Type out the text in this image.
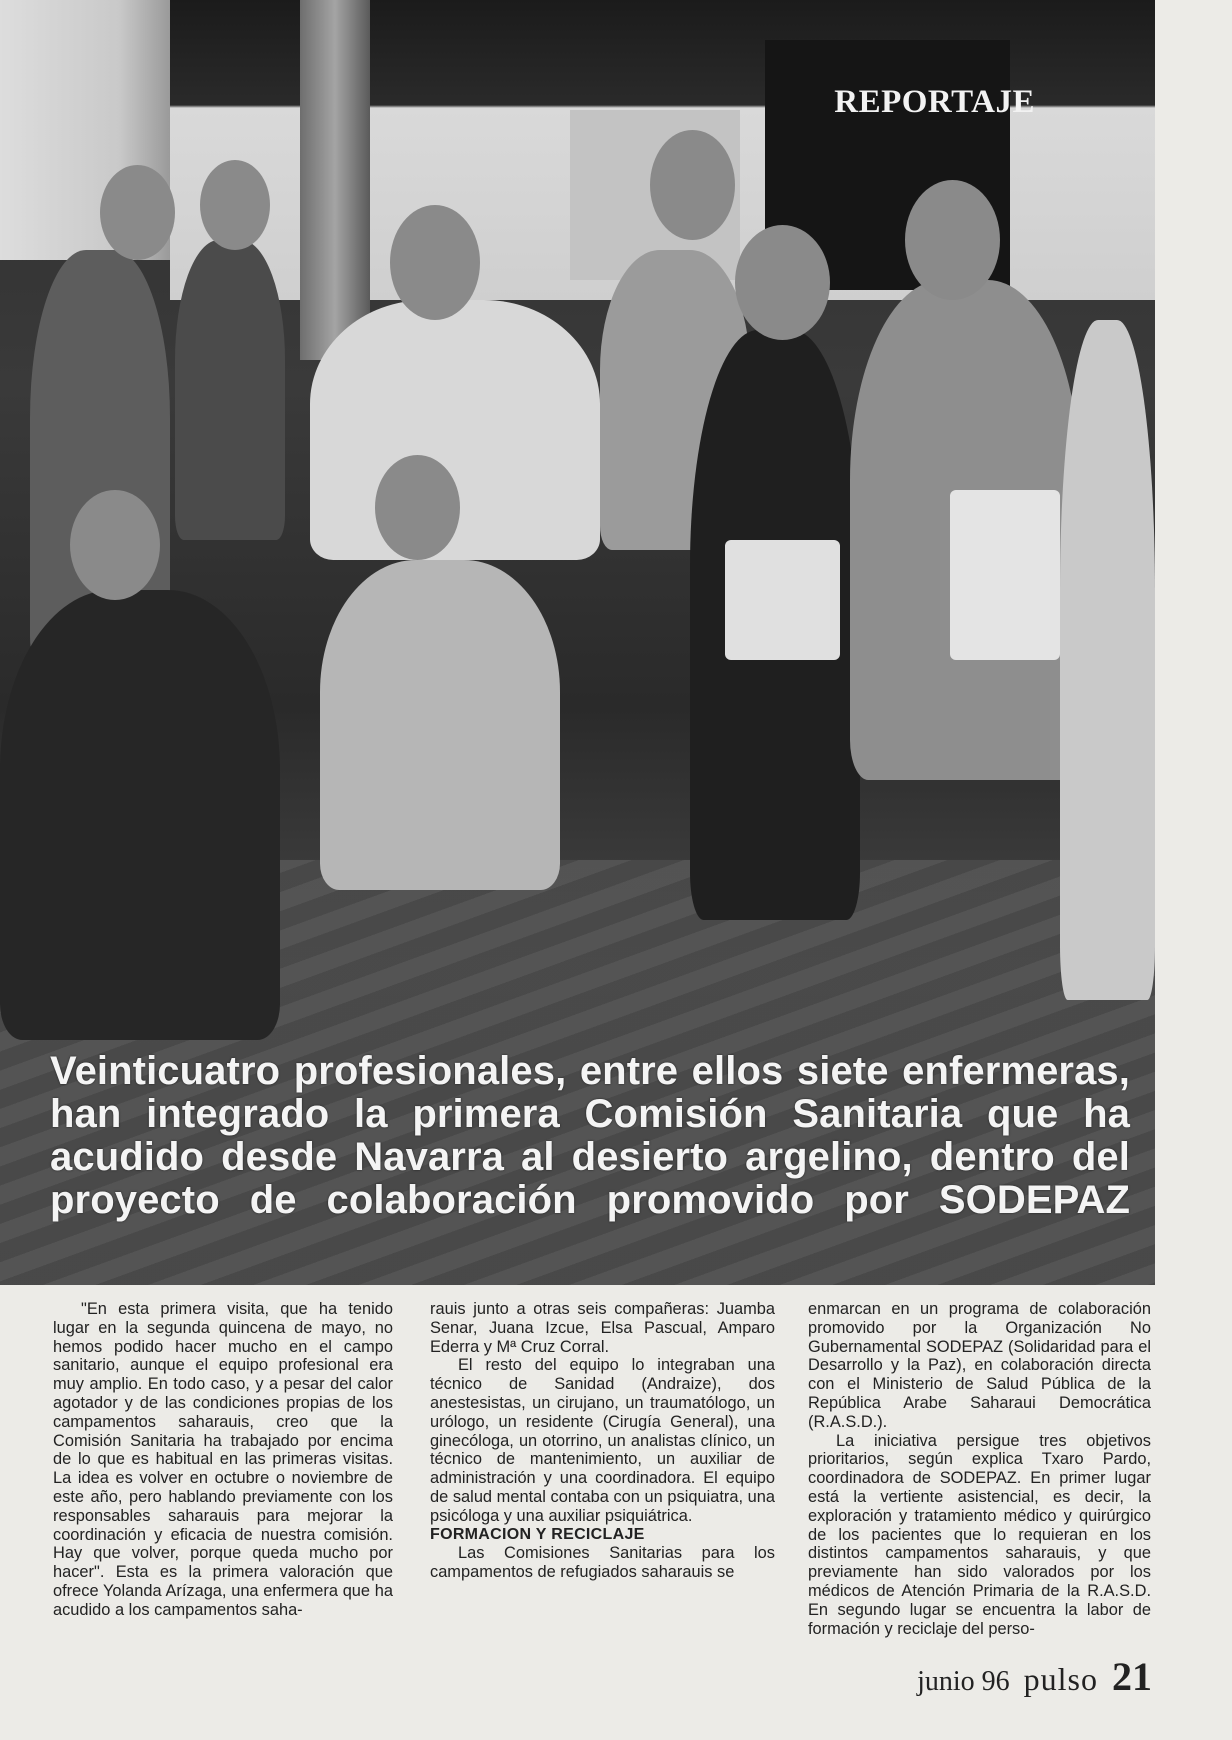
REPORTAJE
Veinticuatro profesionales, entre ellos siete enfermeras, han integrado la primera Comisión Sanitaria que ha acudido desde Navarra al desierto argelino, dentro del proyecto de colaboración promovido por SODEPAZ

"En esta primera visita, que ha tenido lugar en la segunda quincena de mayo, no hemos podido hacer mucho en el campo sanitario, aunque el equipo profesional era muy amplio. En todo caso, y a pesar del calor agotador y de las condiciones propias de los campamentos saharauis, creo que la Comisión Sanitaria ha trabajado por encima de lo que es habitual en las primeras visitas. La idea es volver en octubre o noviembre de este año, pero hablando previamente con los responsables saharauis para mejorar la coordinación y eficacia de nuestra comisión. Hay que volver, porque queda mucho por hacer". Esta es la primera valoración que ofrece Yolanda Arízaga, una enfermera que ha acudido a los campamentos saha-

rauis junto a otras seis compañeras: Juamba Senar, Juana Izcue, Elsa Pascual, Amparo Ederra y Mª Cruz Corral.

El resto del equipo lo integraban una técnico de Sanidad (Andraize), dos anestesistas, un cirujano, un traumatólogo, un urólogo, un residente (Cirugía General), una ginecóloga, un otorrino, un analistas clínico, un técnico de mantenimiento, un auxiliar de administración y una coordinadora. El equipo de salud mental contaba con un psiquiatra, una psicóloga y una auxiliar psiquiátrica.

FORMACION Y RECICLAJE

Las Comisiones Sanitarias para los campamentos de refugiados saharauis se

enmarcan en un programa de colaboración promovido por la Organización No Gubernamental SODEPAZ (Solidaridad para el Desarrollo y la Paz), en colaboración directa con el Ministerio de Salud Pública de la República Arabe Saharaui Democrática (R.A.S.D.).

La iniciativa persigue tres objetivos prioritarios, según explica Txaro Pardo, coordinadora de SODEPAZ. En primer lugar está la vertiente asistencial, es decir, la exploración y tratamiento médico y quirúrgico de los pacientes que lo requieran en los distintos campamentos saharauis, y que previamente han sido valorados por los médicos de Atención Primaria de la R.A.S.D. En segundo lugar se encuentra la labor de formación y reciclaje del perso-

junio 96 pulso 21
